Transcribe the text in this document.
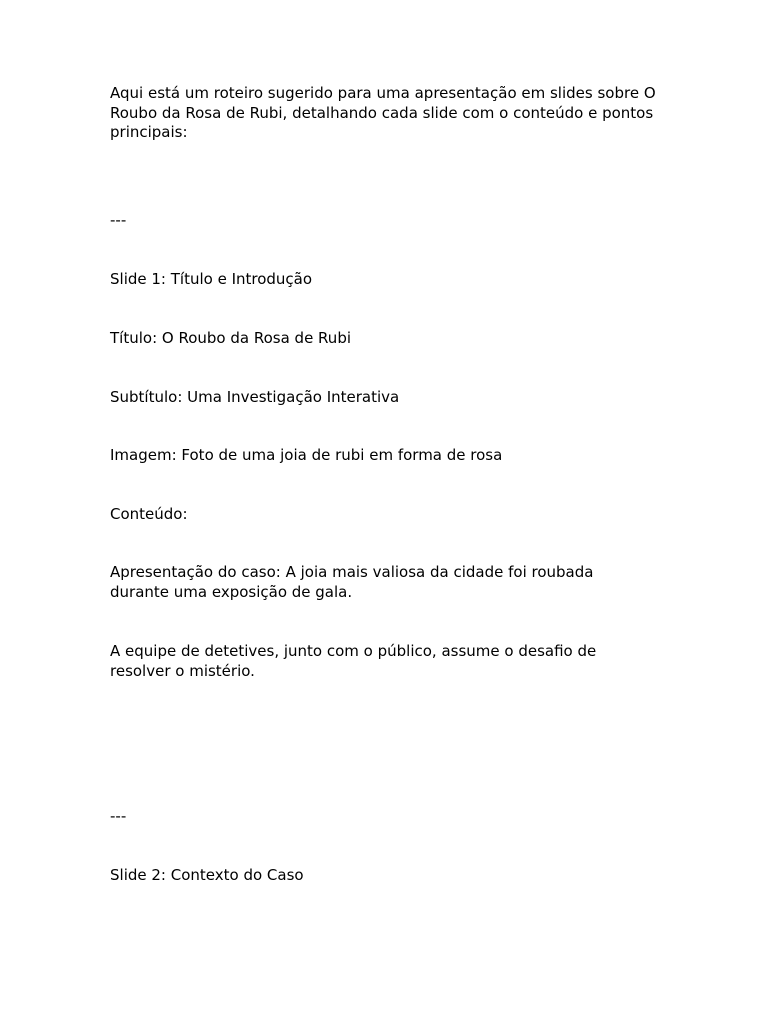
Aqui está um roteiro sugerido para uma apresentação em slides sobre O Roubo da Rosa de Rubi, detalhando cada slide com o conteúdo e pontos principais:

---

Slide 1: Título e Introdução

Título: O Roubo da Rosa de Rubi

Subtítulo: Uma Investigação Interativa

Imagem: Foto de uma joia de rubi em forma de rosa

Conteúdo:

Apresentação do caso: A joia mais valiosa da cidade foi roubada durante uma exposição de gala.

A equipe de detetives, junto com o público, assume o desafio de resolver o mistério.

---

Slide 2: Contexto do Caso
